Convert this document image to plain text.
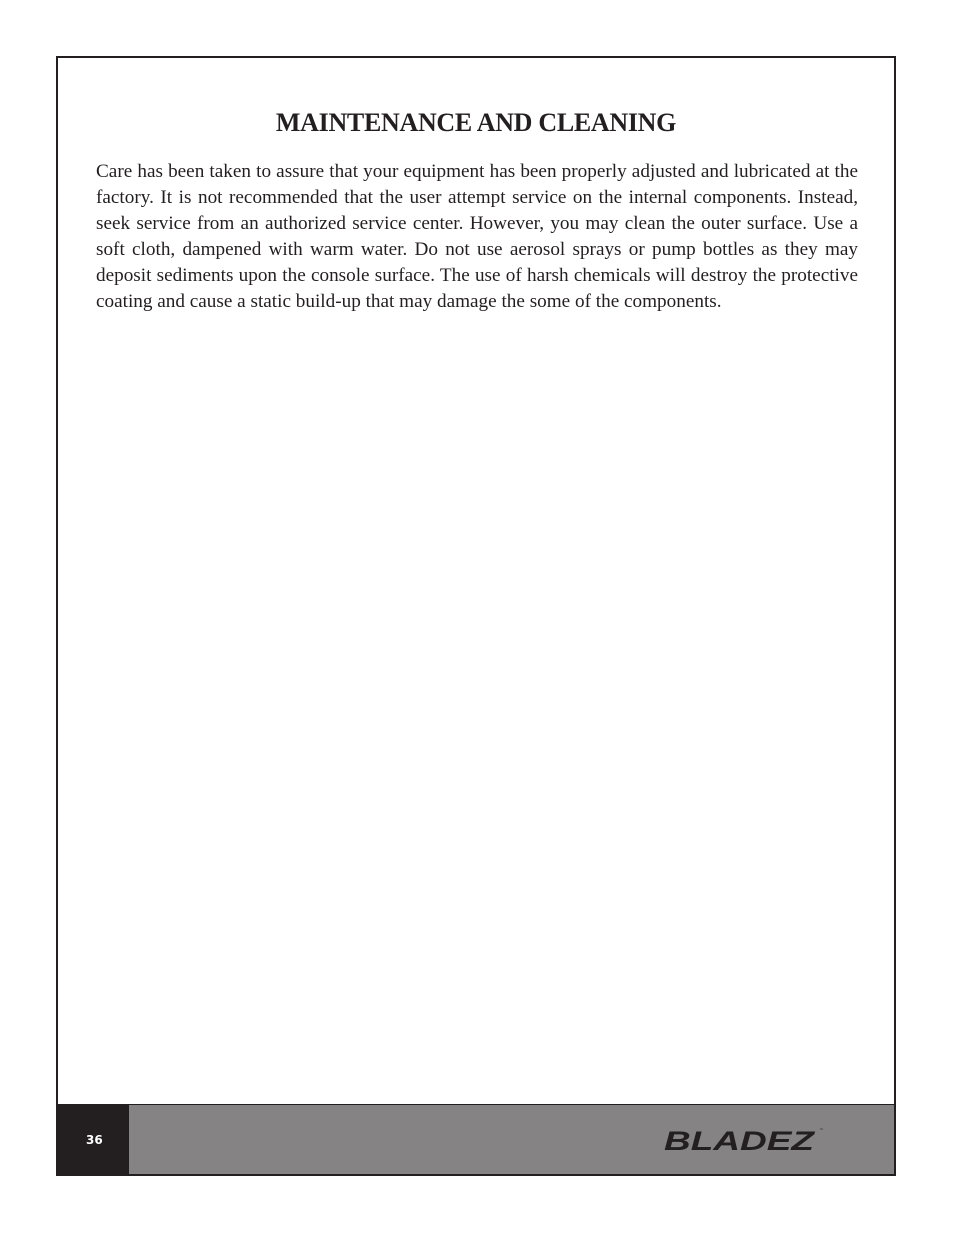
MAINTENANCE AND CLEANING

Care has been taken to assure that your equipment has been properly adjusted and lubricated at the factory. It is not recommended that the user attempt service on the internal components. Instead, seek service from an authorized service center. However, you may clean the outer surface. Use a soft cloth, dampened with warm water. Do not use aerosol sprays or pump bottles as they may deposit sediments upon the console surface. The use of harsh chemicals will destroy the protective coating and cause a static build-up that may damage the some of the components.

36	BLADEZ ™
